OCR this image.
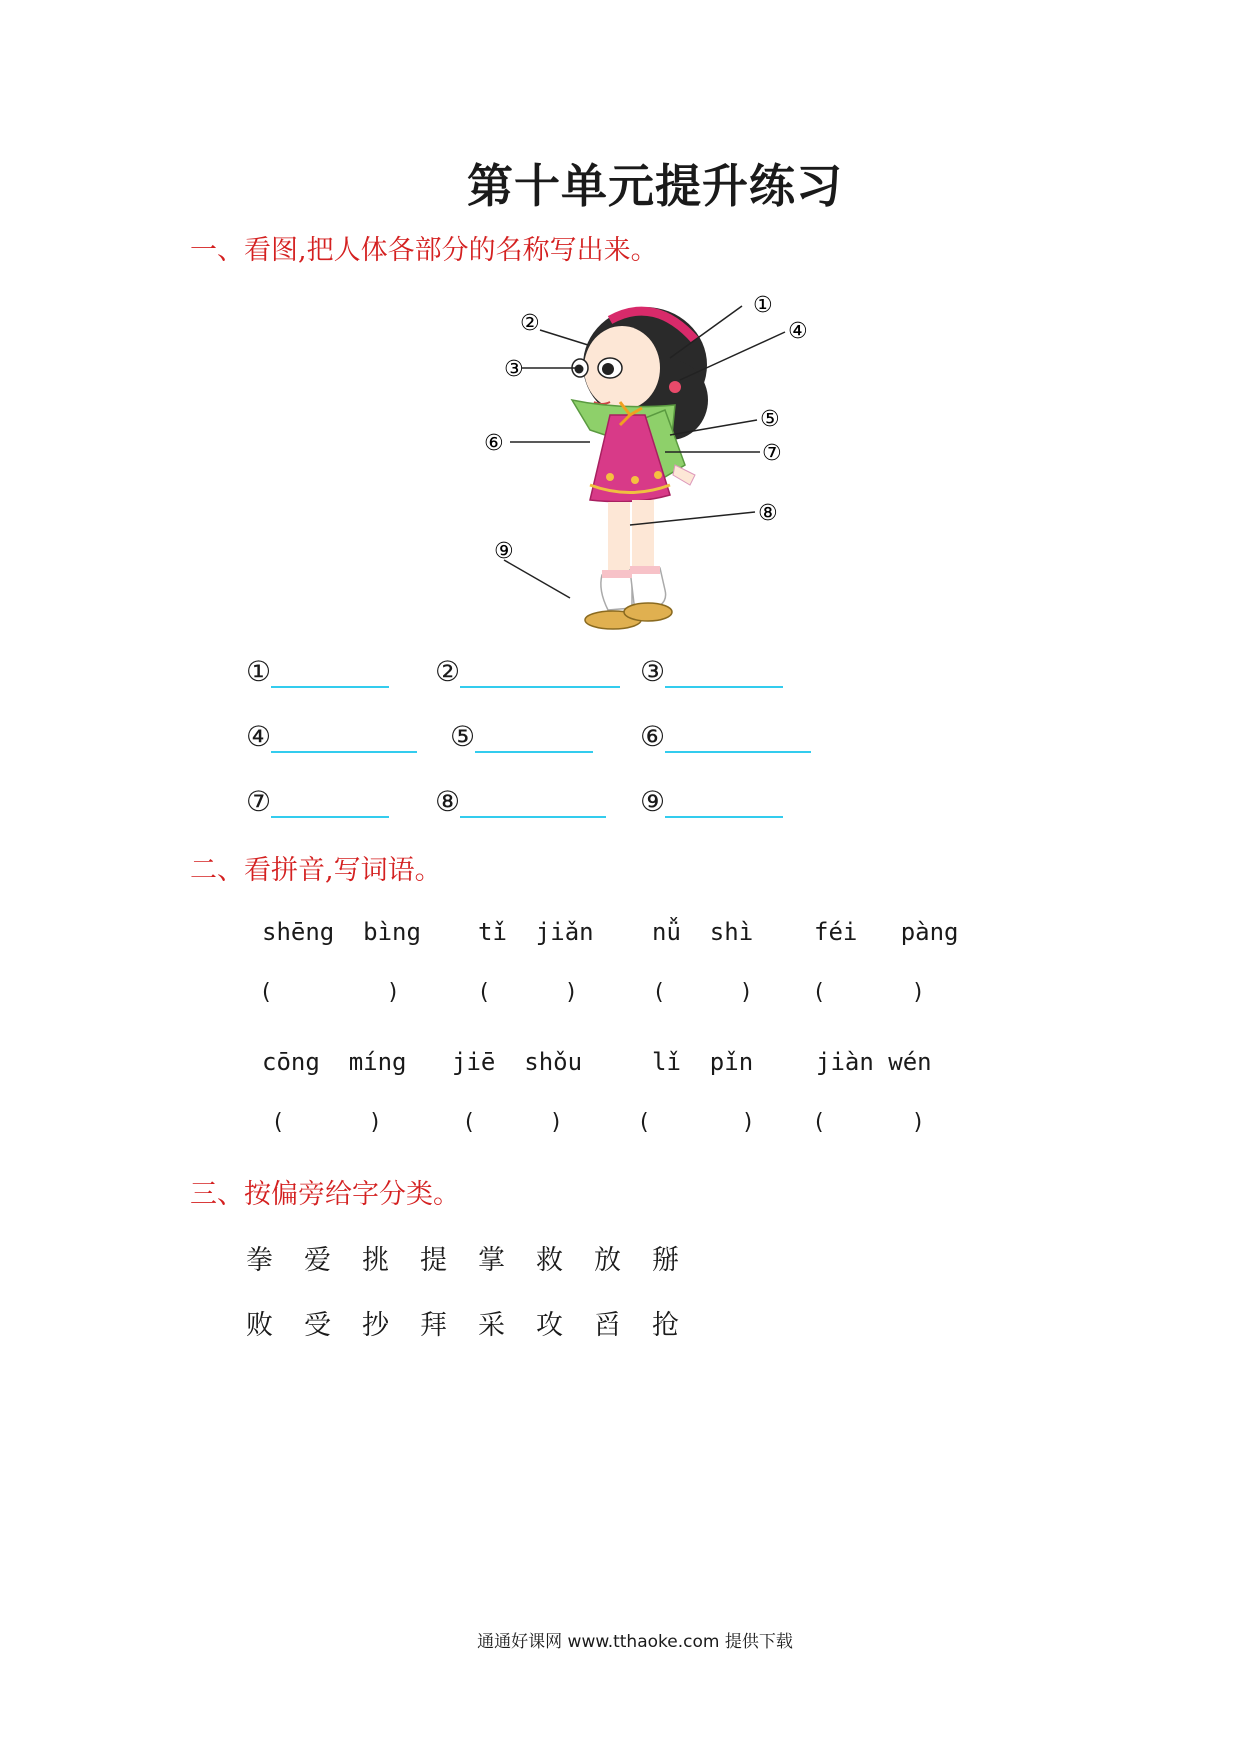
第十单元提升练习
一、看图,把人体各部分的名称写出来。
①
②
③
④
⑤
⑥	⑦
⑧
⑨
①	②	③
④	⑤	⑥
⑦	⑧	⑨
二、看拼音,写词语。
shēng  bìng tǐ  jiǎn nǚ  shì	féi   pàng
(	)	(	)	(	)	(	)
cōng  míng jiē  shǒu	lǐ  pǐn	jiàn wén
(	)	(	)	(	)	(	)
三、按偏旁给字分类。
拳 爱 挑 提 掌 救 放 掰
败 受 抄 拜 采 攻 舀 抢
通通好课网 www.tthaoke.com 提供下载
